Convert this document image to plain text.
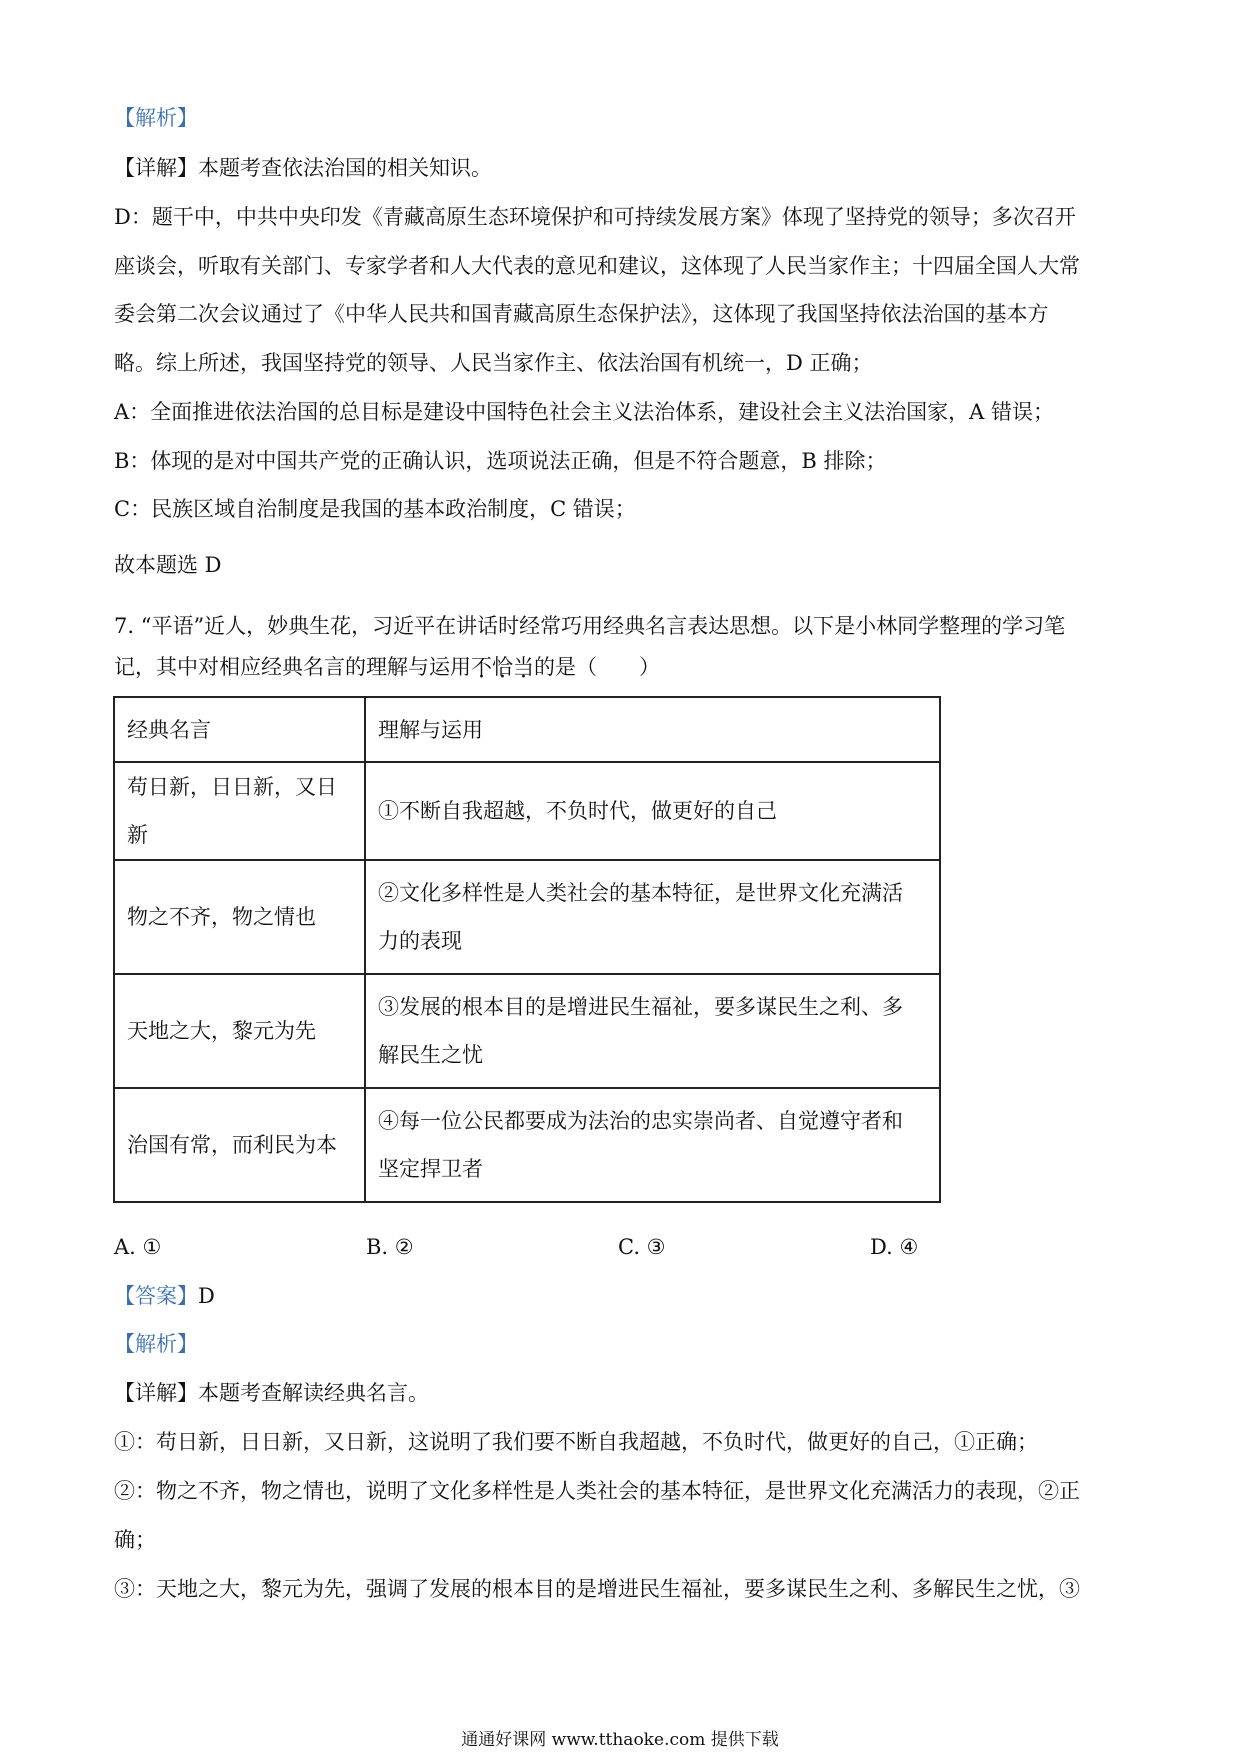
【解析】
【详解】本题考查依法治国的相关知识。
D：题干中，中共中央印发《青藏高原生态环境保护和可持续发展方案》体现了坚持党的领导；多次召开
座谈会，听取有关部门、专家学者和人大代表的意见和建议，这体现了人民当家作主；十四届全国人大常
委会第二次会议通过了《中华人民共和国青藏高原生态保护法》，这体现了我国坚持依法治国的基本方
略。综上所述，我国坚持党的领导、人民当家作主、依法治国有机统一，D 正确；
A：全面推进依法治国的总目标是建设中国特色社会主义法治体系，建设社会主义法治国家，A 错误；
B：体现的是对中国共产党的正确认识，选项说法正确，但是不符合题意，B 排除；
C：民族区域自治制度是我国的基本政治制度，C 错误；
故本题选 D
7. “平语”近人，妙典生花，习近平在讲话时经常巧用经典名言表达思想。以下是小林同学整理的学习笔
记，其中对相应经典名言的理解与运用不恰当的是（　　）
经典名言	理解与运用
苟日新，日日新，又日新	①不断自我超越，不负时代，做更好的自己

物之不齐，物之情也	②文化多样性是人类社会的基本特征，是世界文化充满活
力的表现

天地之大，黎元为先	③发展的根本目的是增进民生福祉，要多谋民生之利、多
解民生之忧

治国有常，而利民为本	④每一位公民都要成为法治的忠实崇尚者、自觉遵守者和
坚定捍卫者
A. ①	B. ②	C. ③	D. ④
【答案】D
【解析】
【详解】本题考查解读经典名言。
①：苟日新，日日新，又日新，这说明了我们要不断自我超越，不负时代，做更好的自己，①正确；
②：物之不齐，物之情也，说明了文化多样性是人类社会的基本特征，是世界文化充满活力的表现，②正
确；
③：天地之大，黎元为先，强调了发展的根本目的是增进民生福祉，要多谋民生之利、多解民生之忧，③
通通好课网 www.tthaoke.com 提供下载
